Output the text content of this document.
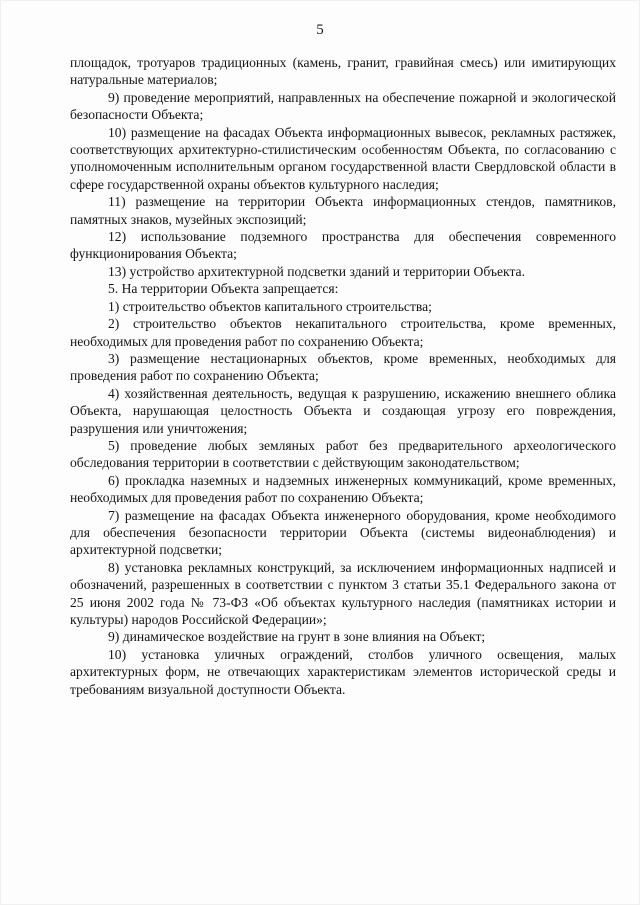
5

площадок, тротуаров традиционных (камень, гранит, гравийная смесь) или имитирующих натуральные материалов;

9) проведение мероприятий, направленных на обеспечение пожарной и экологической безопасности Объекта;

10) размещение на фасадах Объекта информационных вывесок, рекламных растяжек, соответствующих архитектурно-стилистическим особенностям Объекта, по согласованию с уполномоченным исполнительным органом государственной власти Свердловской области в сфере государственной охраны объектов культурного наследия;

11) размещение на территории Объекта информационных стендов, памятников, памятных знаков, музейных экспозиций;

12) использование подземного пространства для обеспечения современного функционирования Объекта;

13) устройство архитектурной подсветки зданий и территории Объекта.

5. На территории Объекта запрещается:

1) строительство объектов капитального строительства;

2) строительство объектов некапитального строительства, кроме временных, необходимых для проведения работ по сохранению Объекта;

3) размещение нестационарных объектов, кроме временных, необходимых для проведения работ по сохранению Объекта;

4) хозяйственная деятельность, ведущая к разрушению, искажению внешнего облика Объекта, нарушающая целостность Объекта и создающая угрозу его повреждения, разрушения или уничтожения;

5) проведение любых земляных работ без предварительного археологического обследования территории в соответствии с действующим законодательством;

6) прокладка наземных и надземных инженерных коммуникаций, кроме временных, необходимых для проведения работ по сохранению Объекта;

7) размещение на фасадах Объекта инженерного оборудования, кроме необходимого для обеспечения безопасности территории Объекта (системы видеонаблюдения) и архитектурной подсветки;

8) установка рекламных конструкций, за исключением информационных надписей и обозначений, разрешенных в соответствии с пунктом 3 статьи 35.1 Федерального закона от 25 июня 2002 года № 73-ФЗ «Об объектах культурного наследия (памятниках истории и культуры) народов Российской Федерации»;

9) динамическое воздействие на грунт в зоне влияния на Объект;

10) установка уличных ограждений, столбов уличного освещения, малых архитектурных форм, не отвечающих характеристикам элементов исторической среды и требованиям визуальной доступности Объекта.
